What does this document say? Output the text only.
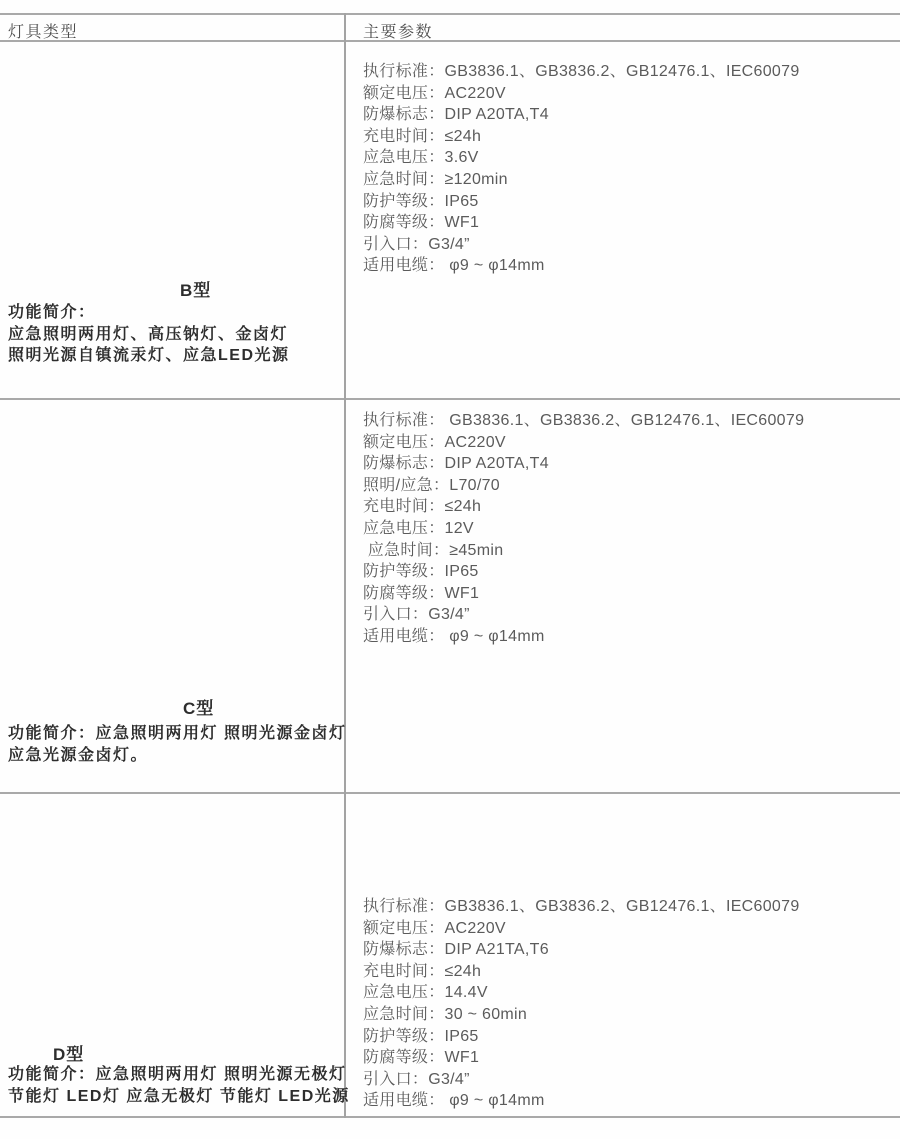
灯具类型	主要参数
B型
功能简介：
应急照明两用灯、高压钠灯、金卤灯
照明光源自镇流汞灯、应急LED光源
执行标准：GB3836.1、GB3836.2、GB12476.1、IEC60079
额定电压：AC220V
防爆标志：DIP A20TA,T4
充电时间：≤24h
应急电压：3.6V
应急时间：≥120min
防护等级：IP65
防腐等级：WF1
引入口：G3/4”
适用电缆： φ9 ~ φ14mm
C型
功能简介：应急照明两用灯 照明光源金卤灯
应急光源金卤灯。
执行标准： GB3836.1、GB3836.2、GB12476.1、IEC60079
额定电压：AC220V
防爆标志：DIP A20TA,T4
照明/应急：L70/70
充电时间：≤24h
应急电压：12V
应急时间：≥45min
防护等级：IP65
防腐等级：WF1
引入口：G3/4”
适用电缆： φ9 ~ φ14mm
D型
功能简介：应急照明两用灯 照明光源无极灯
节能灯 LED灯 应急无极灯 节能灯 LED光源
执行标准：GB3836.1、GB3836.2、GB12476.1、IEC60079
额定电压：AC220V
防爆标志：DIP A21TA,T6
充电时间：≤24h
应急电压：14.4V
应急时间：30 ~ 60min
防护等级：IP65
防腐等级：WF1
引入口：G3/4”
适用电缆： φ9 ~ φ14mm
